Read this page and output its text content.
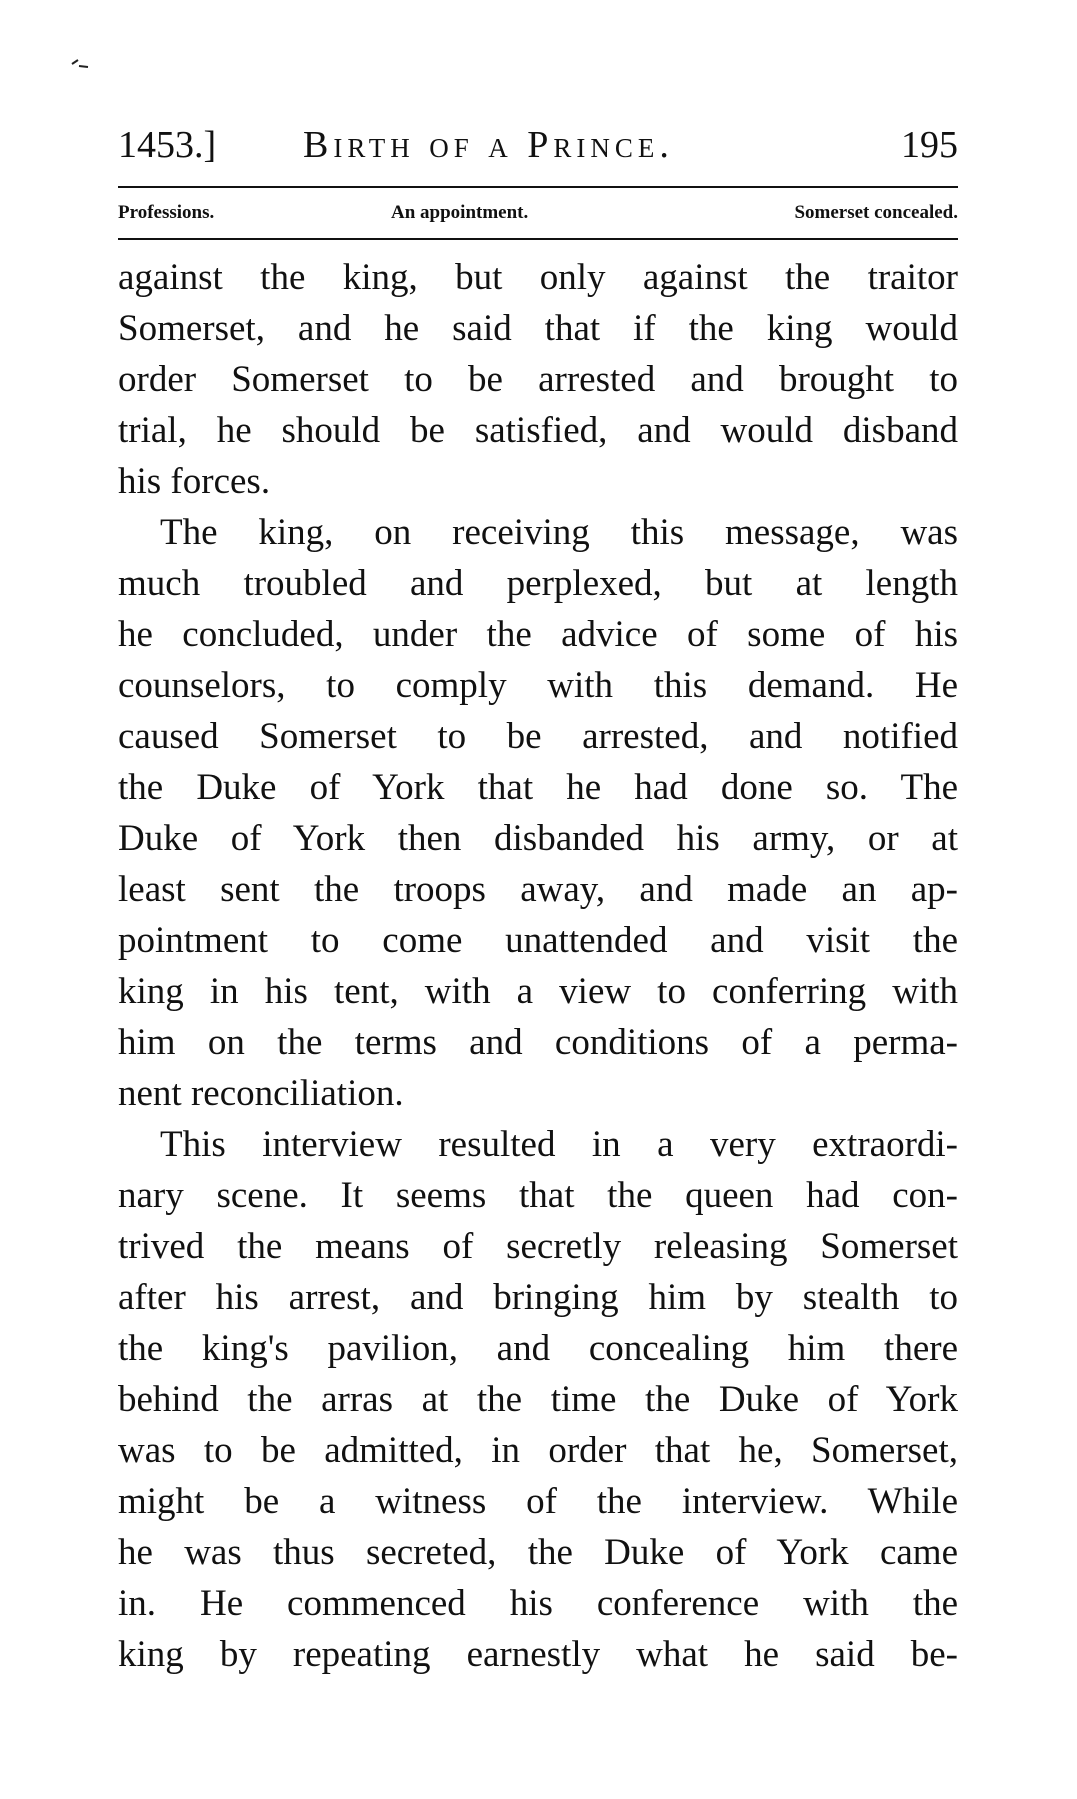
1453.] Birth of a Prince.	195
Professions.	An appointment.	Somerset concealed.
against the king, but only against the traitor
Somerset, and he said that if the king would
order Somerset to be arrested and brought to
trial, he should be satisfied, and would disband
his forces.
The king, on receiving this message, was
much troubled and perplexed, but at length
he concluded, under the advice of some of his
counselors, to comply with this demand. He
caused Somerset to be arrested, and notified
the Duke of York that he had done so. The
Duke of York then disbanded his army, or at
least sent the troops away, and made an ap-
pointment to come unattended and visit the
king in his tent, with a view to conferring with
him on the terms and conditions of a perma-
nent reconciliation.
This interview resulted in a very extraordi-
nary scene. It seems that the queen had con-
trived the means of secretly releasing Somerset
after his arrest, and bringing him by stealth to
the king's pavilion, and concealing him there
behind the arras at the time the Duke of York
was to be admitted, in order that he, Somerset,
might be a witness of the interview. While
he was thus secreted, the Duke of York came
in. He commenced his conference with the
king by repeating earnestly what he said be-
